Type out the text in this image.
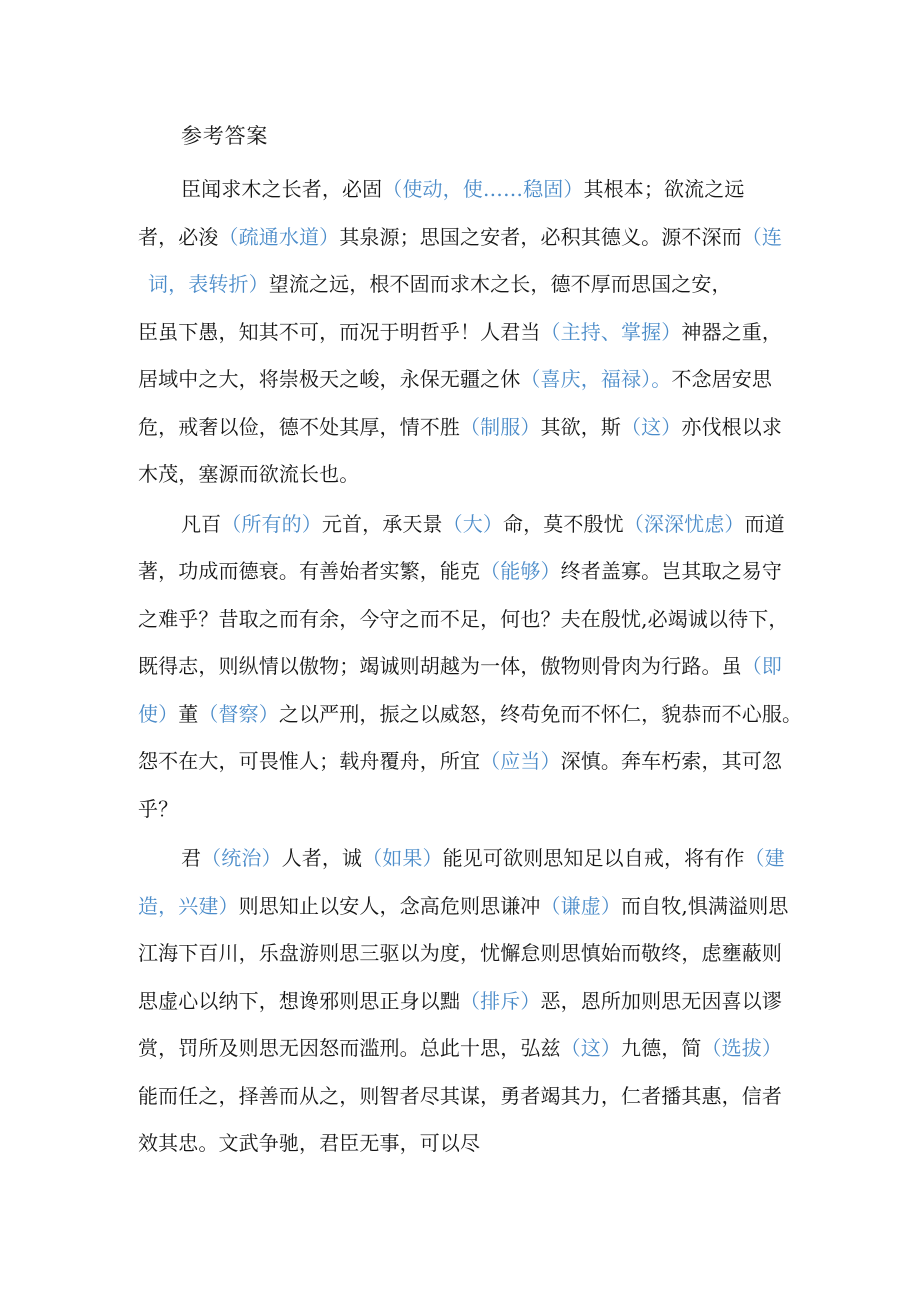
参考答案
臣闻求木之长者，必固 （使动，使……稳固） 其根本；欲流之远
者，必浚 （疏通水道） 其泉源；思国之安者，必积其德义。源不深而 （连
词，表转折） 望流之远，根不固而求木之长，德不厚而思国之安，
臣虽下愚，知其不可，而况于明哲乎！人君当 （主持、掌握） 神器之重，
居域中之大，将崇极天之峻，永保无疆之休 （喜庆，福禄）。 不念居安思
危，戒奢以俭，德不处其厚，情不胜 （制服） 其欲，斯 （这） 亦伐根以求
木茂，塞源而欲流长也。
凡百 （所有的） 元首，承天景 （大） 命，莫不殷忧 （深深忧虑） 而道
著，功成而德衰。有善始者实繁，能克 （能够） 终者盖寡。岂其取之易守
之难乎？昔取之而有余，今守之而不足，何也？夫在殷忧,必竭诚以待下，
既得志，则纵情以傲物；竭诚则胡越为一体，傲物则骨肉为行路。虽 （即
使） 董 （督察） 之以严刑，振之以威怒，终苟免而不怀仁，貌恭而不心服。
怨不在大，可畏惟人；载舟覆舟，所宜 （应当） 深慎。奔车朽索，其可忽
乎？
君 （统治） 人者，诚 （如果） 能见可欲则思知足以自戒，将有作 （建
造，兴建） 则思知止以安人，念高危则思谦冲 （谦虚） 而自牧,惧满溢则思
江海下百川，乐盘游则思三驱以为度，忧懈怠则思慎始而敬终，虑壅蔽则
思虚心以纳下，想谗邪则思正身以黜 （排斥） 恶，恩所加则思无因喜以谬
赏，罚所及则思无因怒而滥刑。总此十思，弘兹 （这） 九德，简 （选拔）
能而任之，择善而从之，则智者尽其谋，勇者竭其力，仁者播其惠，信者
效其忠。文武争驰，君臣无事，可以尽
